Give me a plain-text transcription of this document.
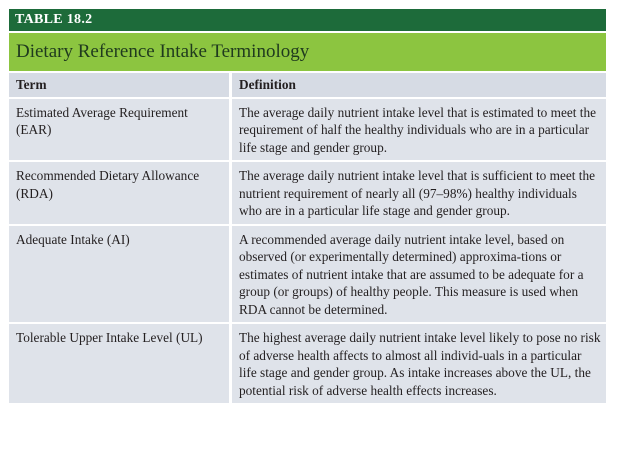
TABLE 18.2
Dietary Reference Intake Terminology
Term	Definition
Estimated Average Requirement (EAR)	The average daily nutrient intake level that is estimated to meet the requirement of half the healthy individuals who are in a particular life stage and gender group.
Recommended Dietary Allowance (RDA)	The average daily nutrient intake level that is sufficient to meet the nutrient requirement of nearly all (97–98%) healthy individuals who are in a particular life stage and gender group.
Adequate Intake (AI)	A recommended average daily nutrient intake level, based on observed (or experimentally determined) approxima-tions or estimates of nutrient intake that are assumed to be adequate for a group (or groups) of healthy people. This measure is used when RDA cannot be determined.
Tolerable Upper Intake Level (UL)	The highest average daily nutrient intake level likely to pose no risk of adverse health affects to almost all individ-uals in a particular life stage and gender group. As intake increases above the UL, the potential risk of adverse health effects increases.
